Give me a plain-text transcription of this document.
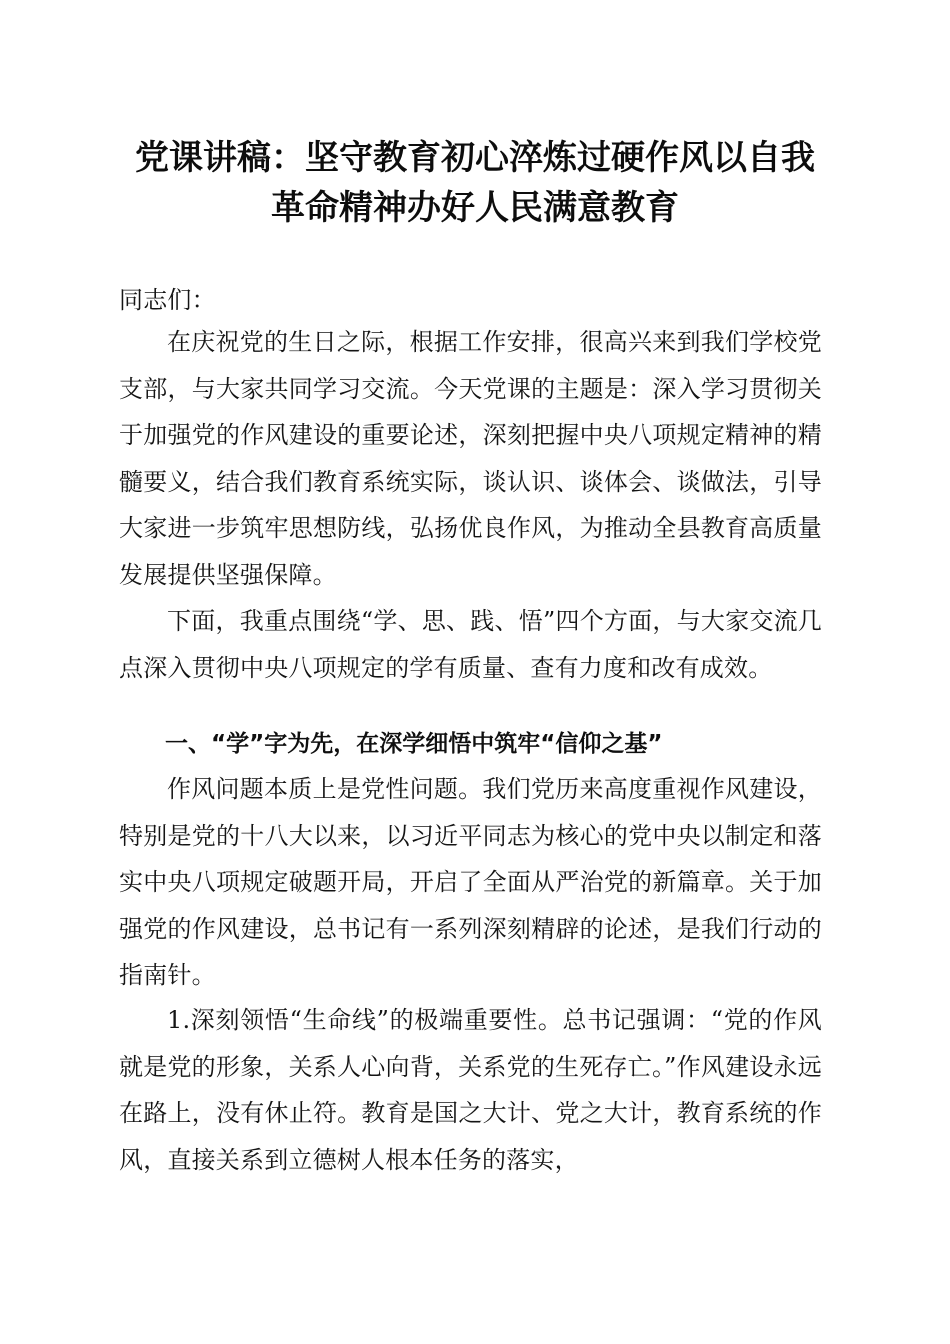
党课讲稿：坚守教育初心淬炼过硬作风以自我
革命精神办好人民满意教育
同志们：

在庆祝党的生日之际，根据工作安排，很高兴来到我们学校党支部，与大家共同学习交流。今天党课的主题是：深入学习贯彻关于加强党的作风建设的重要论述，深刻把握中央八项规定精神的精髓要义，结合我们教育系统实际，谈认识、谈体会、谈做法，引导大家进一步筑牢思想防线，弘扬优良作风，为推动全县教育高质量发展提供坚强保障。

下面，我重点围绕“学、思、践、悟”四个方面，与大家交流几点深入贯彻中央八项规定的学有质量、查有力度和改有成效。

一、“学”字为先，在深学细悟中筑牢“信仰之基”

作风问题本质上是党性问题。我们党历来高度重视作风建设，特别是党的十八大以来，以习近平同志为核心的党中央以制定和落实中央八项规定破题开局，开启了全面从严治党的新篇章。关于加强党的作风建设，总书记有一系列深刻精辟的论述，是我们行动的指南针。

1.深刻领悟“生命线”的极端重要性。总书记强调：“党的作风就是党的形象，关系人心向背，关系党的生死存亡。”作风建设永远在路上，没有休止符。教育是国之大计、党之大计，教育系统的作风，直接关系到立德树人根本任务的落实，
